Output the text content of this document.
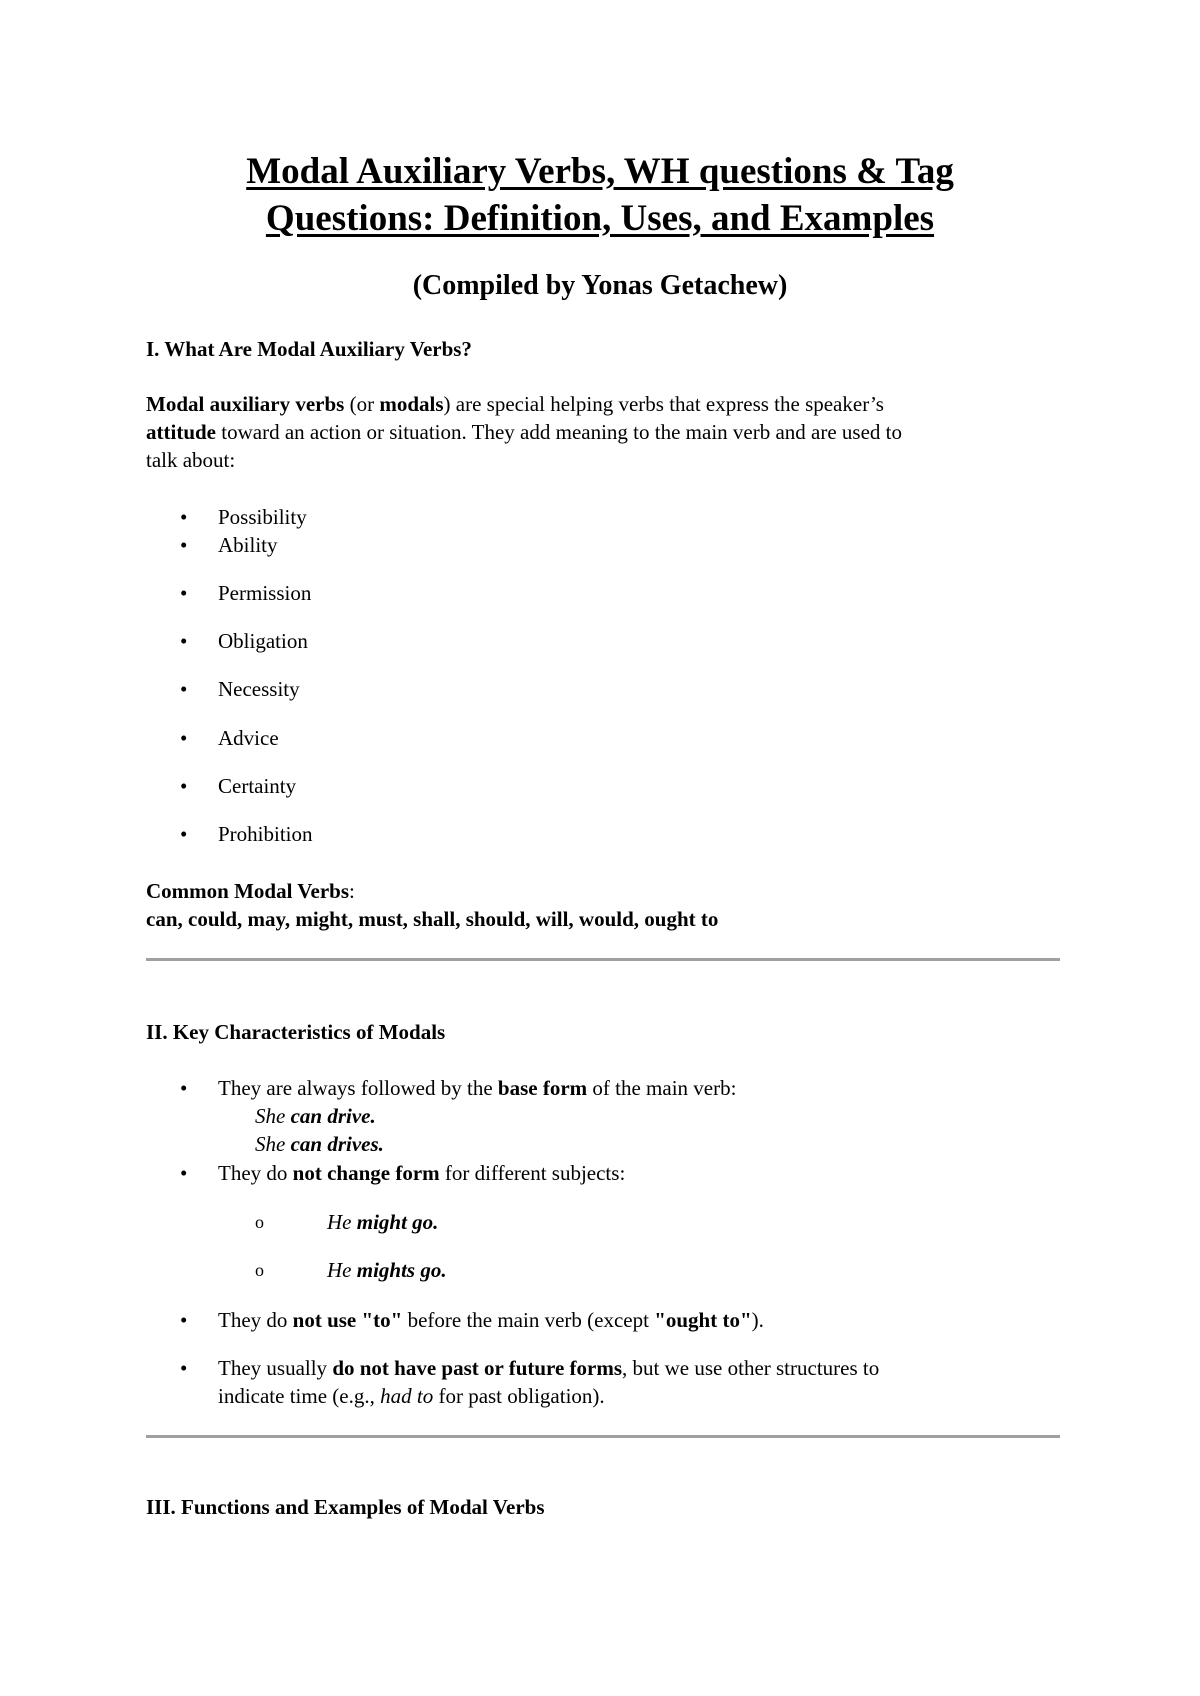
Modal Auxiliary Verbs, WH questions & Tag
Questions: Definition, Uses, and Examples
(Compiled by Yonas Getachew)
I. What Are Modal Auxiliary Verbs?
Modal auxiliary verbs (or modals) are special helping verbs that express the speaker’s
attitude toward an action or situation. They add meaning to the main verb and are used to
talk about:
•	Possibility
•	Ability
•	Permission
•	Obligation
•	Necessity
•	Advice
•	Certainty
•	Prohibition
Common Modal Verbs:
can, could, may, might, must, shall, should, will, would, ought to
II. Key Characteristics of Modals
•	They are always followed by the base form of the main verb:
She can drive.
She can drives.
•	They do not change form for different subjects:
o	He might go.
o	He mights go.
•	They do not use "to" before the main verb (except "ought to").
•	They usually do not have past or future forms, but we use other structures to
indicate time (e.g., had to for past obligation).
III. Functions and Examples of Modal Verbs
